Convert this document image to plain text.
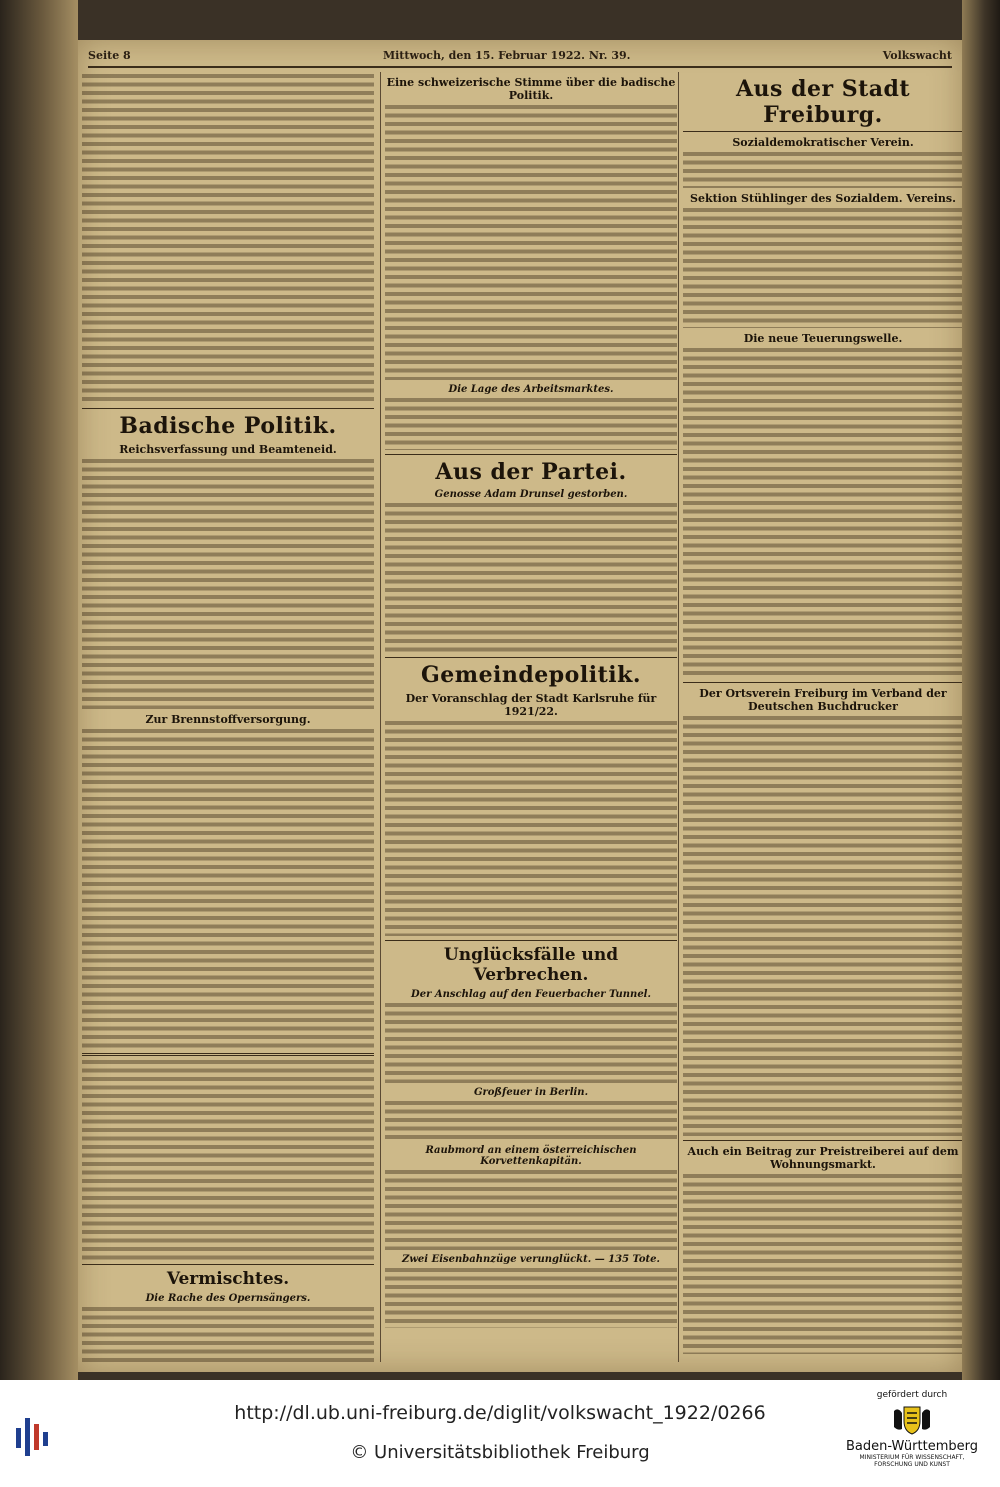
Seite 8	Mittwoch, den 15. Februar 1922. Nr. 39.	Volkswacht
Badische Politik.
Reichsverfassung und Beamteneid.
Zur Brennstoffversorgung.
Vermischtes.
Die Rache des Opernsängers.
Eine schweizerische Stimme über die badische Politik.
Die Lage des Arbeitsmarktes.
Aus der Partei.
Genosse Adam Drunsel gestorben.
Gemeindepolitik.
Der Voranschlag der Stadt Karlsruhe für 1921/22.
Unglücksfälle und Verbrechen.
Der Anschlag auf den Feuerbacher Tunnel.
Großfeuer in Berlin.
Raubmord an einem österreichischen Korvettenkapitän.
Zwei Eisenbahnzüge verunglückt. — 135 Tote.
Aus der Stadt Freiburg.
Sozialdemokratischer Verein.
Sektion Stühlinger des Sozialdem. Vereins.
Die neue Teuerungswelle.
Der Ortsverein Freiburg im Verband der Deutschen Buchdrucker
Auch ein Beitrag zur Preistreiberei auf dem Wohnungsmarkt.
http://dl.ub.uni-freiburg.de/diglit/volkswacht_1922/0266
© Universitätsbibliothek Freiburg
gefördert durch
Baden-Württemberg
MINISTERIUM FÜR WISSENSCHAFT, FORSCHUNG UND KUNST
